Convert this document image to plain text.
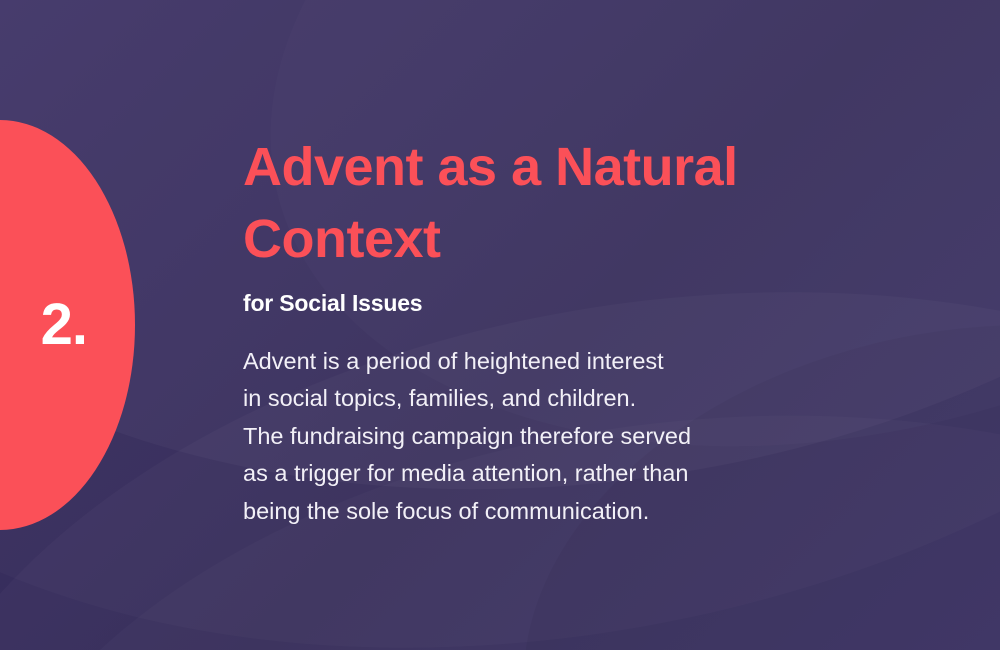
2.
Advent as a Natural Context
for Social Issues

Advent is a period of heightened interest
in social topics, families, and children.
The fundraising campaign therefore served
as a trigger for media attention, rather than
being the sole focus of communication.
